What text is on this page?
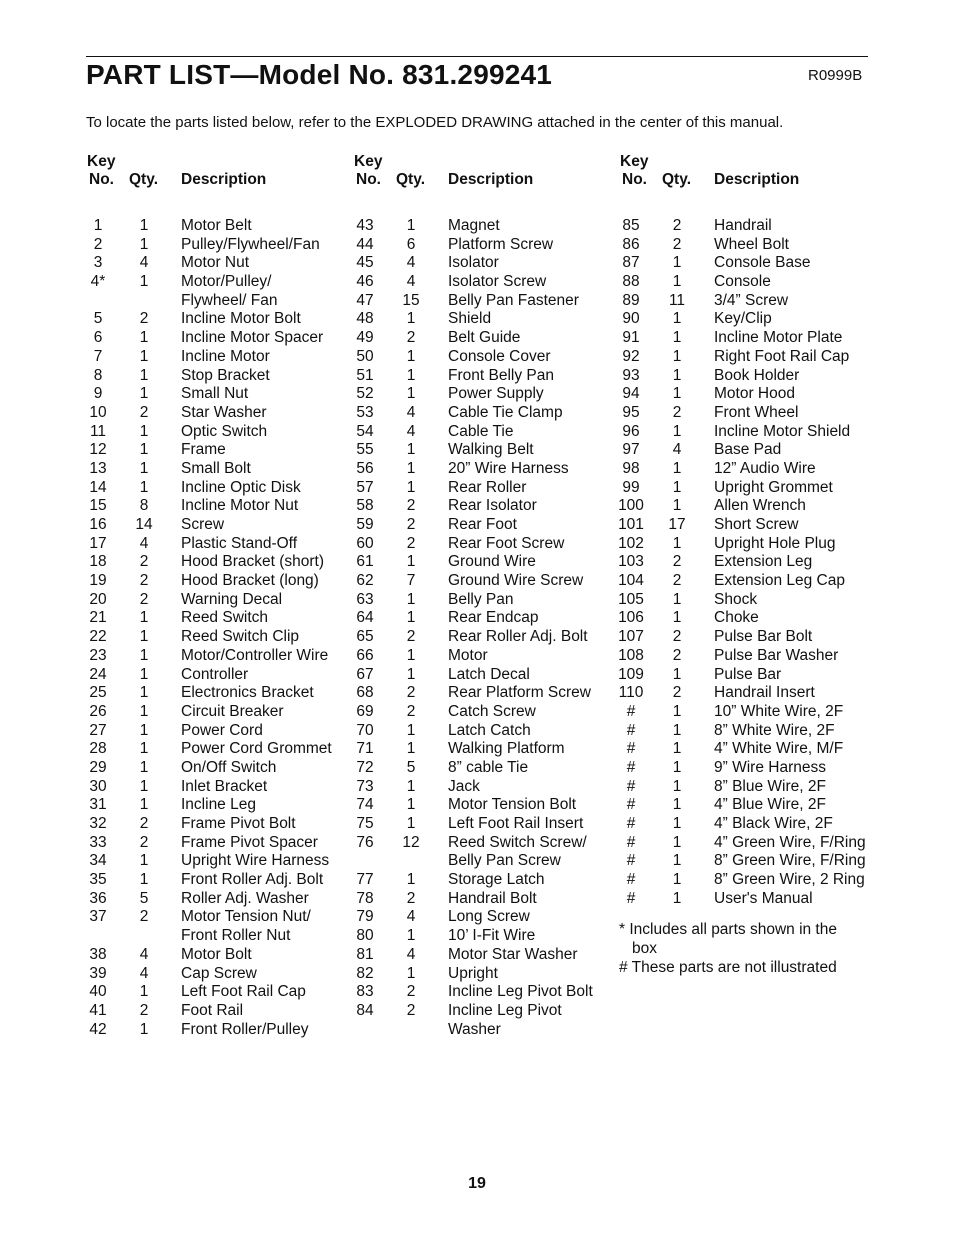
PART LIST—Model No. 831.299241	R0999B
To locate the parts listed below, refer to the EXPLODED DRAWING attached in the center of this manual.
Key
No. Qty. Description
1	1	Motor Belt
2	1	Pulley/Flywheel/Fan
3	4	Motor Nut
4*	1	Motor/Pulley/
Flywheel/ Fan
5	2	Incline Motor Bolt
6	1	Incline Motor Spacer
7	1	Incline Motor
8	1	Stop Bracket
9	1	Small Nut
10	2	Star Washer
11	1	Optic Switch
12	1	Frame
13	1	Small Bolt
14	1	Incline Optic Disk
15	8	Incline Motor Nut
16	14	Screw
17	4	Plastic Stand-Off
18	2	Hood Bracket (short)
19	2	Hood Bracket (long)
20	2	Warning Decal
21	1	Reed Switch
22	1	Reed Switch Clip
23	1	Motor/Controller Wire
24	1	Controller
25	1	Electronics Bracket
26	1	Circuit Breaker
27	1	Power Cord
28	1	Power Cord Grommet
29	1	On/Off Switch
30	1	Inlet Bracket
31	1	Incline Leg
32	2	Frame Pivot Bolt
33	2	Frame Pivot Spacer
34	1	Upright Wire Harness
35	1	Front Roller Adj. Bolt
36	5	Roller Adj. Washer
37	2	Motor Tension Nut/
Front Roller Nut
38	4	Motor Bolt
39	4	Cap Screw
40	1	Left Foot Rail Cap
41	2	Foot Rail
42	1	Front Roller/Pulley
Key
No. Qty. Description
43	1	Magnet
44	6	Platform Screw
45	4	Isolator
46	4	Isolator Screw
47	15	Belly Pan Fastener
48	1	Shield
49	2	Belt Guide
50	1	Console Cover
51	1	Front Belly Pan
52	1	Power Supply
53	4	Cable Tie Clamp
54	4	Cable Tie
55	1	Walking Belt
56	1	20” Wire Harness
57	1	Rear Roller
58	2	Rear Isolator
59	2	Rear Foot
60	2	Rear Foot Screw
61	1	Ground Wire
62	7	Ground Wire Screw
63	1	Belly Pan
64	1	Rear Endcap
65	2	Rear Roller Adj. Bolt
66	1	Motor
67	1	Latch Decal
68	2	Rear Platform Screw
69	2	Catch Screw
70	1	Latch Catch
71	1	Walking Platform
72	5	8” cable Tie
73	1	Jack
74	1	Motor Tension Bolt
75	1	Left Foot Rail Insert
76	12	Reed Switch Screw/
Belly Pan Screw
77	1	Storage Latch
78	2	Handrail Bolt
79	4	Long Screw
80	1	10’ I-Fit Wire
81	4	Motor Star Washer
82	1	Upright
83	2	Incline Leg Pivot Bolt
84	2	Incline Leg Pivot
Washer
Key
No. Qty. Description
85	2	Handrail
86	2	Wheel Bolt
87	1	Console Base
88	1	Console
89	11	3/4” Screw
90	1	Key/Clip
91	1	Incline Motor Plate
92	1	Right Foot Rail Cap
93	1	Book Holder
94	1	Motor Hood
95	2	Front Wheel
96	1	Incline Motor Shield
97	4	Base Pad
98	1	12” Audio Wire
99	1	Upright Grommet
100	1	Allen Wrench
101	17	Short Screw
102	1	Upright Hole Plug
103	2	Extension Leg
104	2	Extension Leg Cap
105	1	Shock
106	1	Choke
107	2	Pulse Bar Bolt
108	2	Pulse Bar Washer
109	1	Pulse Bar
110	2	Handrail Insert
#	1	10” White Wire, 2F
#	1	8” White Wire, 2F
#	1	4” White Wire, M/F
#	1	9” Wire Harness
#	1	8” Blue Wire, 2F
#	1	4” Blue Wire, 2F
#	1	4” Black Wire, 2F
#	1	4” Green Wire, F/Ring
#	1	8” Green Wire, F/Ring
#	1	8” Green Wire, 2 Ring
#	1	User's Manual
* Includes all parts shown in the
box
# These parts are not illustrated
19
